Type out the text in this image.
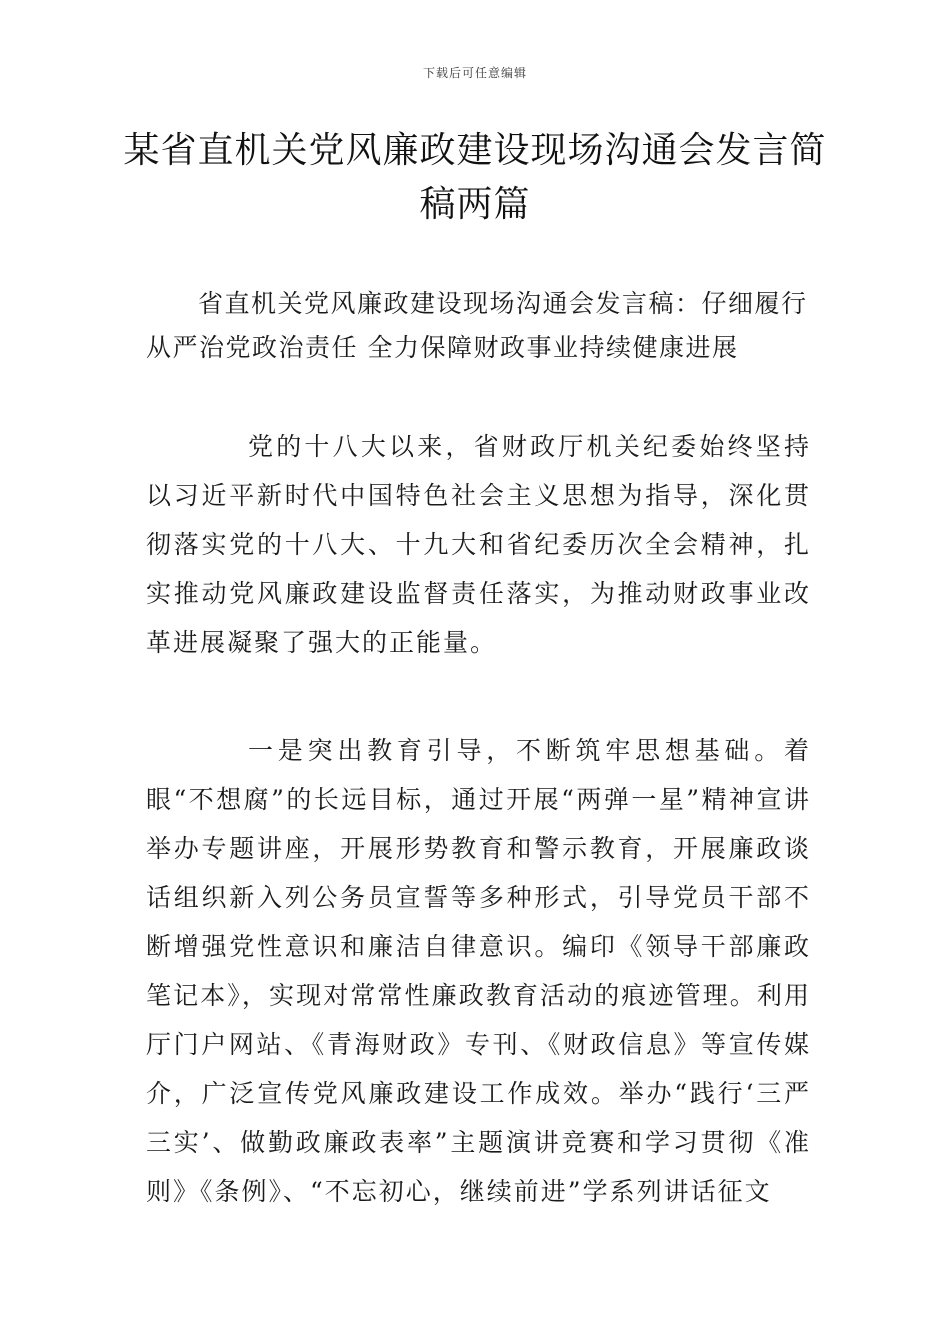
下载后可任意编辑
某省直机关党风廉政建设现场沟通会发言简稿两篇
省直机关党风廉政建设现场沟通会发言稿：仔细履行从严治党政治责任 全力保障财政事业持续健康进展
党的十八大以来，省财政厅机关纪委始终坚持以习近平新时代中国特色社会主义思想为指导，深化贯彻落实党的十八大、十九大和省纪委历次全会精神，扎实推动党风廉政建设监督责任落实，为推动财政事业改革进展凝聚了强大的正能量。
一是突出教育引导，不断筑牢思想基础。着眼“不想腐”的长远目标，通过开展“两弹一星”精神宣讲举办专题讲座，开展形势教育和警示教育，开展廉政谈话组织新入列公务员宣誓等多种形式，引导党员干部不断增强党性意识和廉洁自律意识。编印《领导干部廉政笔记本》，实现对常常性廉政教育活动的痕迹管理。利用厅门户网站、《青海财政》专刊、《财政信息》等宣传媒介，广泛宣传党风廉政建设工作成效。举办“践行‘三严三实’、做勤政廉政表率”主题演讲竞赛和学习贯彻《准则》《条例》、“不忘初心，继续前进”学系列讲话征文
